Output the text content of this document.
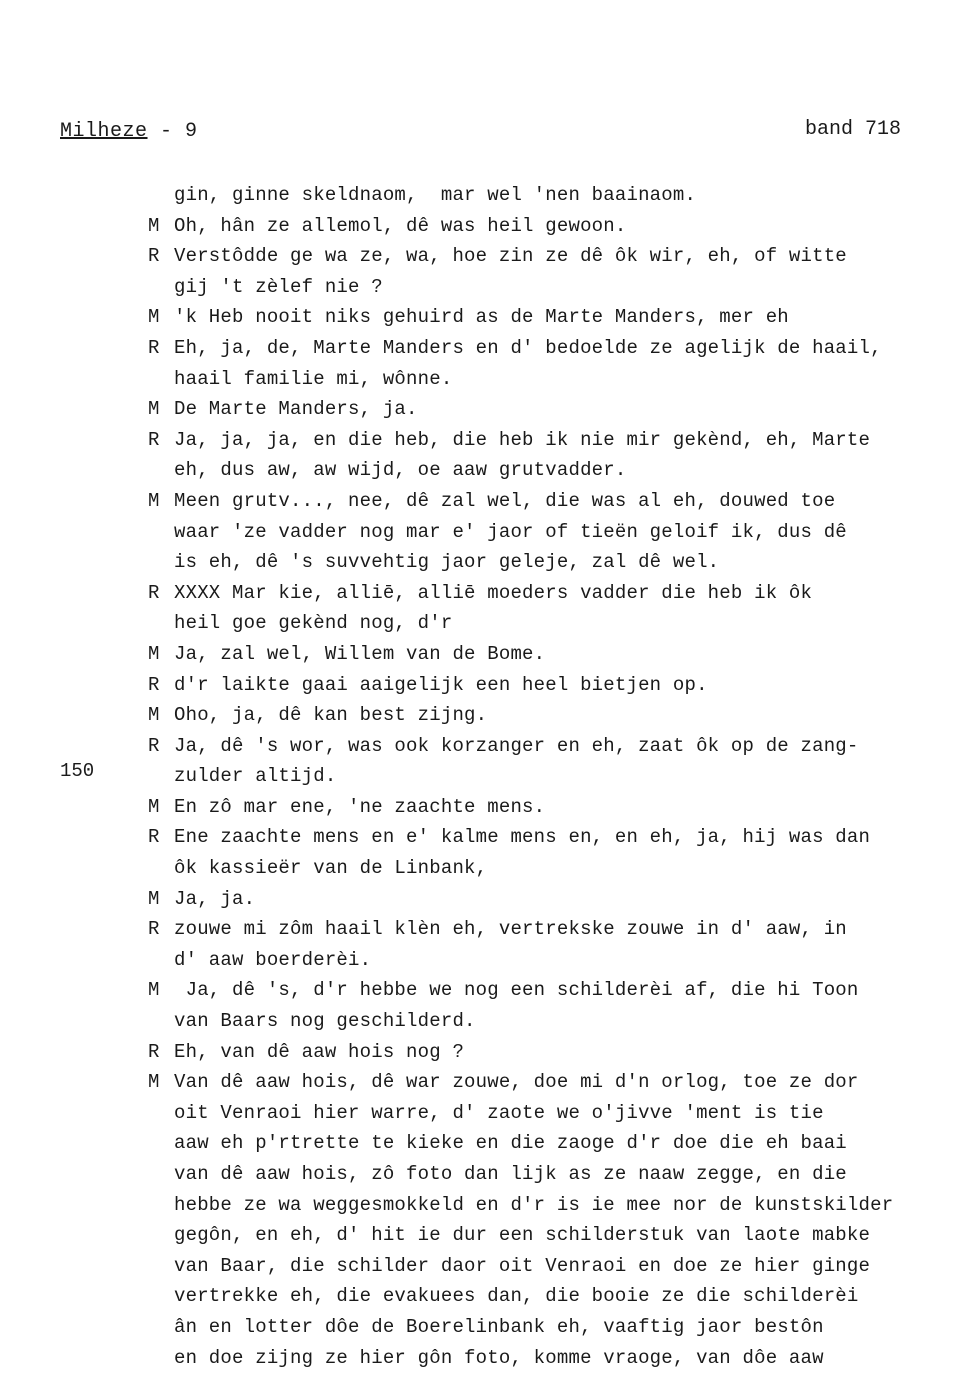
Milheze - 9	band 718
150
gin, ginne skeldnaom,  mar wel 'nen baainaom.
M Oh, hân ze allemol, dê was heil gewoon.
R Verstôdde ge wa ze, wa, hoe zin ze dê ôk wir, eh, of witte
gij 't zèlef nie ?
M 'k Heb nooit niks gehuird as de Marte Manders, mer eh
R Eh, ja, de, Marte Manders en d' bedoelde ze agelijk de haail,
haail familie mi, wônne.
M De Marte Manders, ja.
R Ja, ja, ja, en die heb, die heb ik nie mir gekènd, eh, Marte
eh, dus aw, aw wijd, oe aaw grutvadder.
M Meen grutv..., nee, dê zal wel, die was al eh, douwed toe
waar 'ze vadder nog mar e' jaor of tieën geloif ik, dus dê
is eh, dê 's suvvehtig jaor geleje, zal dê wel.
R XXXX Mar kie, alliē, alliē moeders vadder die heb ik ôk
heil goe gekènd nog, d'r
M Ja, zal wel, Willem van de Bome.
R d'r laikte gaai aaigelijk een heel bietjen op.
M Oho, ja, dê kan best zijng.
R Ja, dê 's wor, was ook korzanger en eh, zaat ôk op de zang-
zulder altijd.
M En zô mar ene, 'ne zaachte mens.
R Ene zaachte mens en e' kalme mens en, en eh, ja, hij was dan
ôk kassieër van de Linbank,
M Ja, ja.
R zouwe mi zôm haail klèn eh, vertrekske zouwe in d' aaw, in
d' aaw boerderèi.
M Ja, dê 's, d'r hebbe we nog een schilderèi af, die hi Toon
van Baars nog geschilderd.
R Eh, van dê aaw hois nog ?
M Van dê aaw hois, dê war zouwe, doe mi d'n orlog, toe ze dor
oit Venraoi hier warre, d' zaote we o'jivve 'ment is tie
aaw eh p'rtrette te kieke en die zaoge d'r doe die eh baai
van dê aaw hois, zô foto dan lijk as ze naaw zegge, en die
hebbe ze wa weggesmokkeld en d'r is ie mee nor de kunstskilder
gegôn, en eh, d' hit ie dur een schilderstuk van laote mabke
van Baar, die schilder daor oit Venraoi en doe ze hier ginge
vertrekke eh, die evakuees dan, die booie ze die schilderèi
ân en lotter dôe de Boerelinbank eh, vaaftig jaor bestôn
en doe zijng ze hier gôn foto, komme vraoge, van dôe aaw
